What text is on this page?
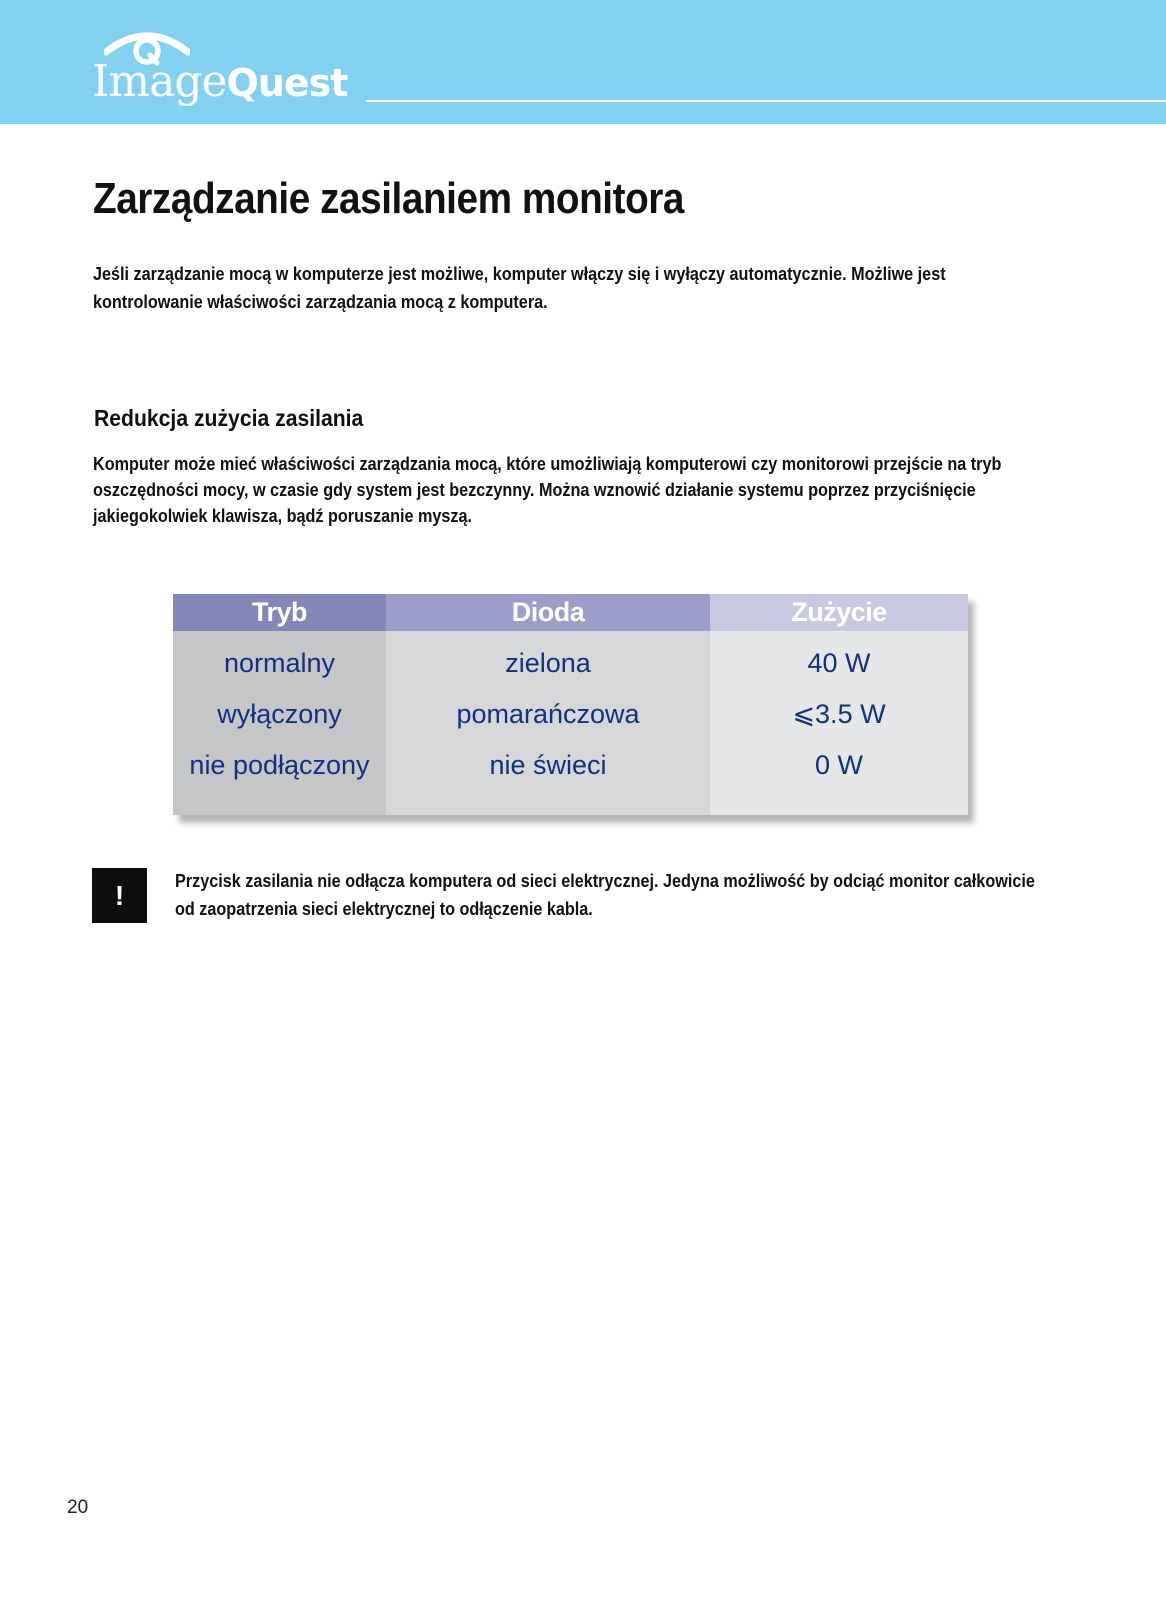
ImageQuest
Zarządzanie zasilaniem monitora

Jeśli zarządzanie mocą w komputerze jest możliwe, komputer włączy się i wyłączy automatycznie. Możliwe jest kontrolowanie właściwości zarządzania mocą z komputera.

Redukcja zużycia zasilania

Komputer może mieć właściwości zarządzania mocą, które umożliwiają komputerowi czy monitorowi przejście na tryb oszczędności mocy, w czasie gdy system jest bezczynny. Można wznowić działanie systemu poprzez przyciśnięcie jakiegokolwiek klawisza, bądź poruszanie myszą.

Tryb
normalny
wyłączony
nie podłączony
Dioda
zielona
pomarańczowa
nie świeci
Zużycie
40 W
⩽3.5 W
0 W
!	Przycisk zasilania nie odłącza komputera od sieci elektrycznej. Jedyna możliwość by odciąć monitor całkowicie od zaopatrzenia sieci elektrycznej to odłączenie kabla.

20
